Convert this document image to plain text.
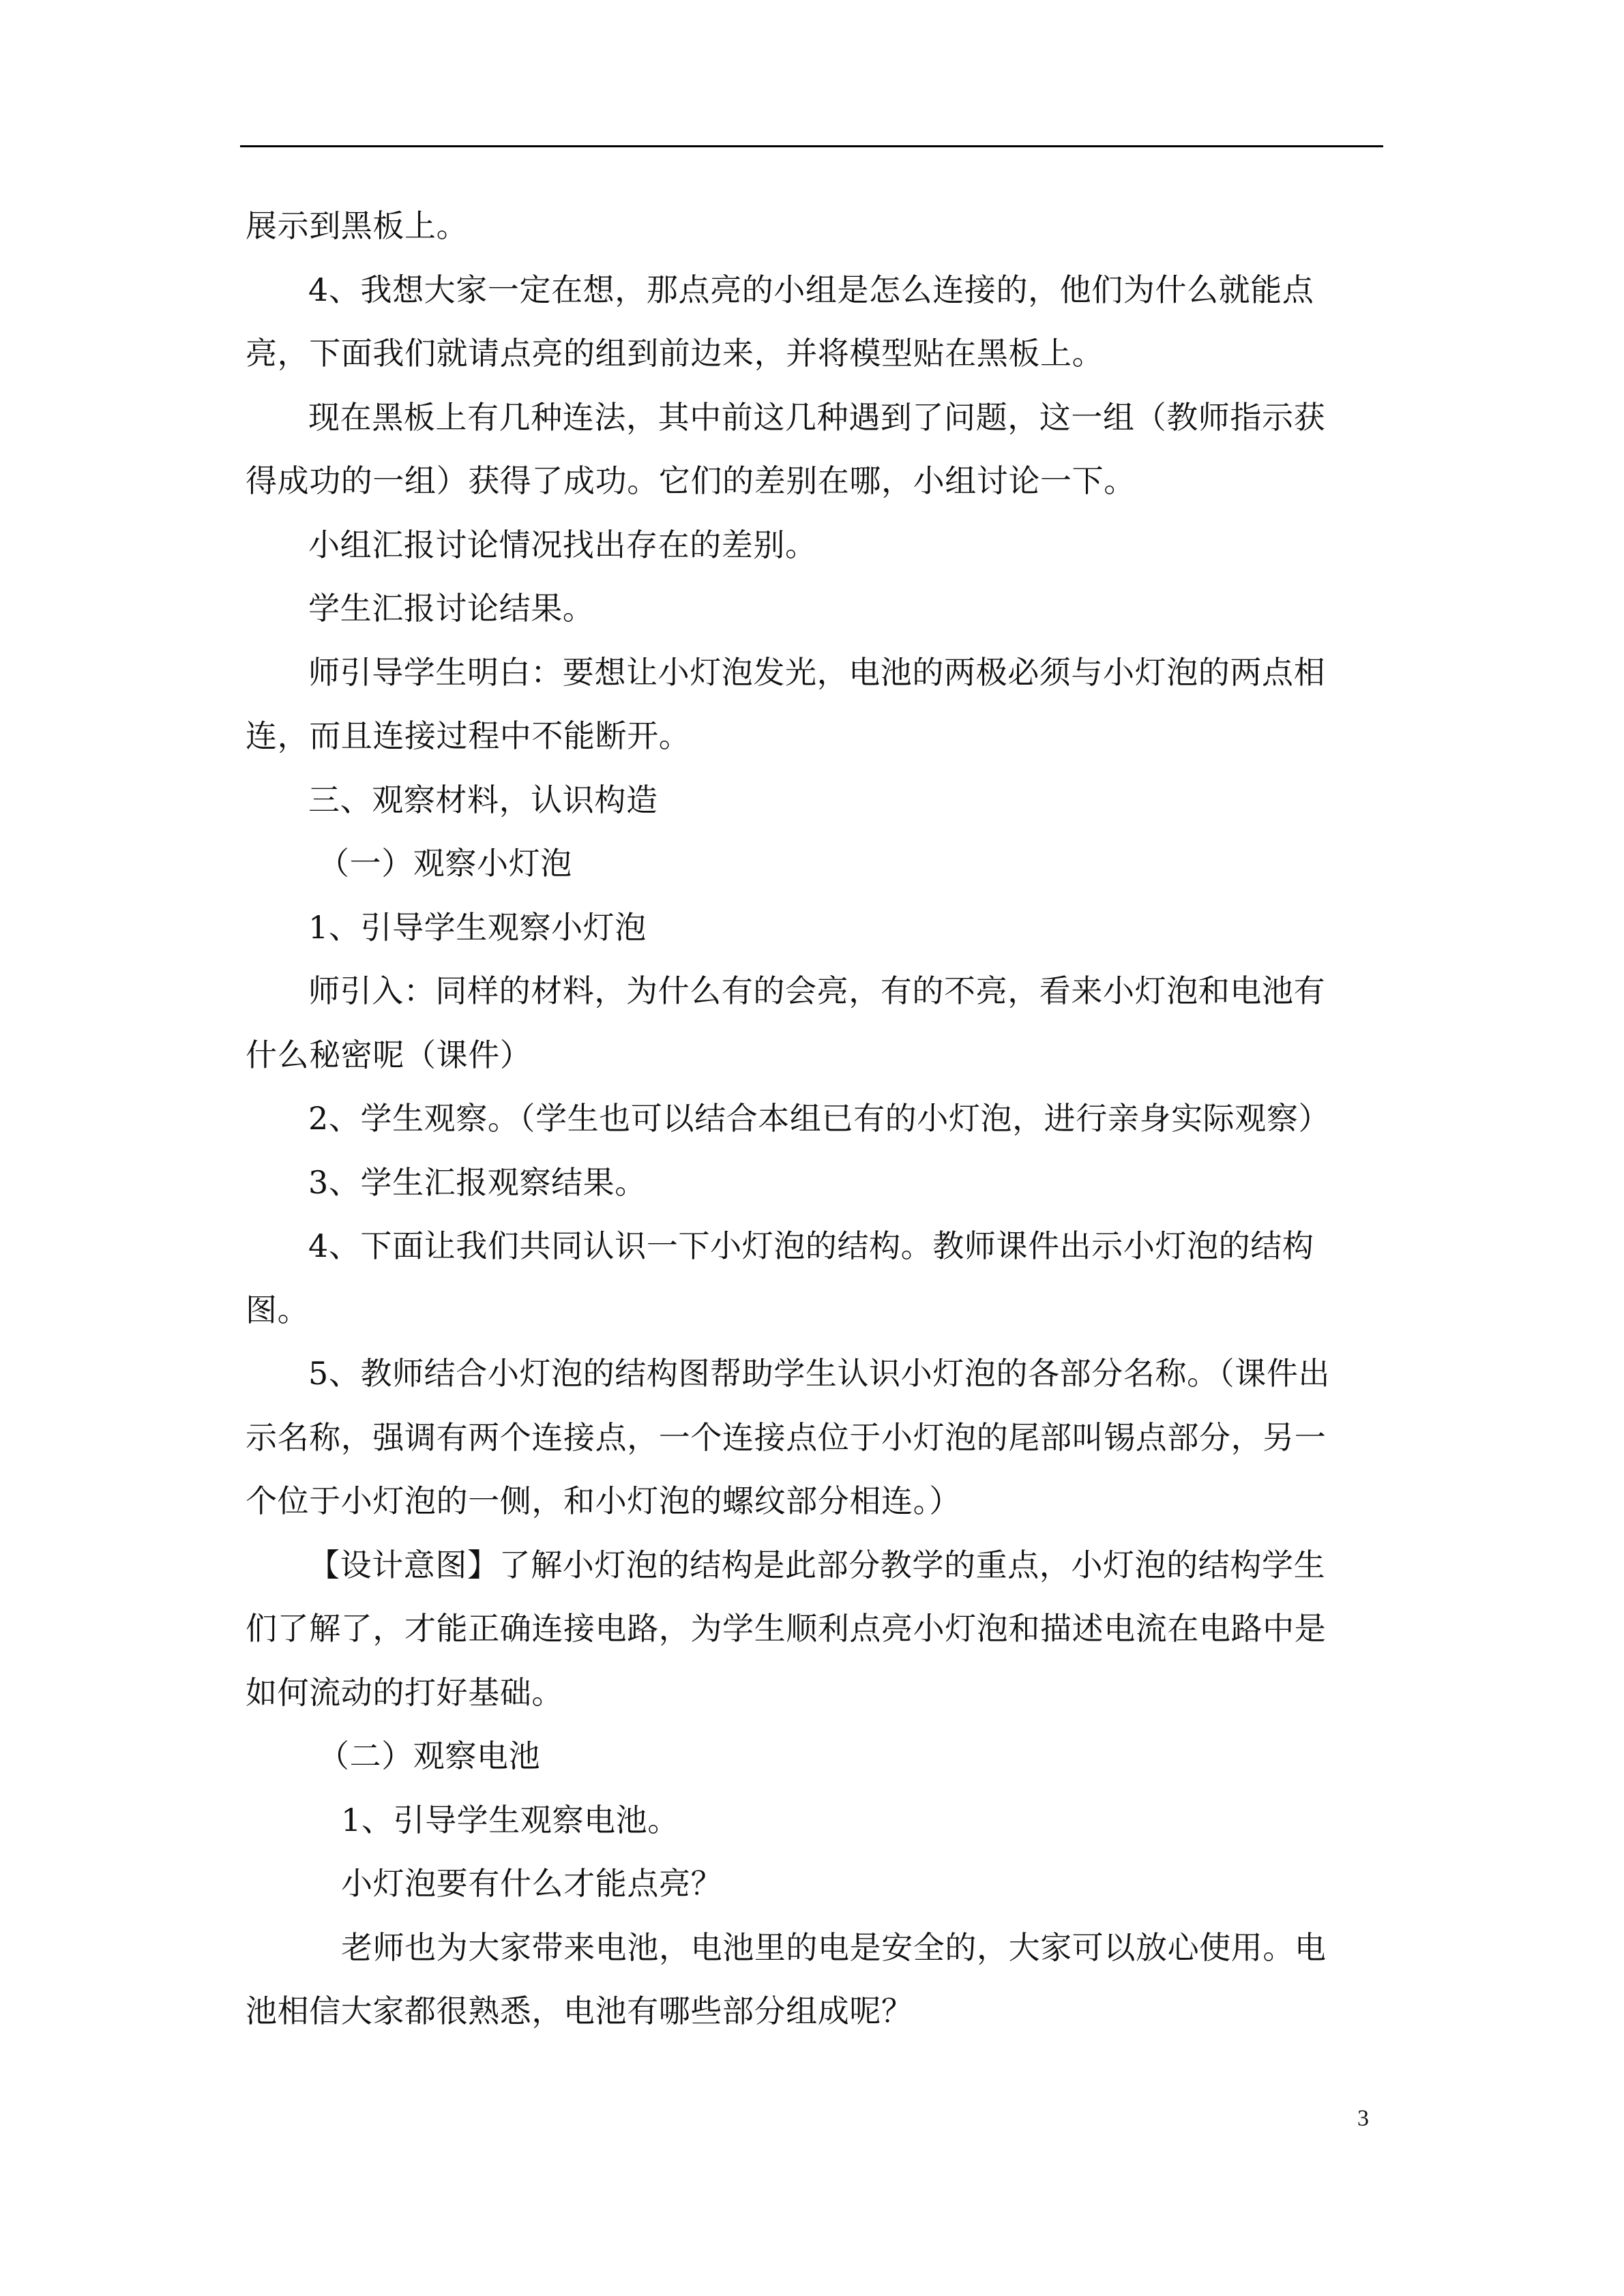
展示到黑板上。
4、我想大家一定在想，那点亮的小组是怎么连接的，他们为什么就能点
亮，下面我们就请点亮的组到前边来，并将模型贴在黑板上。
现在黑板上有几种连法，其中前这几种遇到了问题，这一组（教师指示获
得成功的一组）获得了成功。它们的差别在哪，小组讨论一下。
小组汇报讨论情况找出存在的差别。
学生汇报讨论结果。
师引导学生明白：要想让小灯泡发光，电池的两极必须与小灯泡的两点相
连，而且连接过程中不能断开。
三、观察材料，认识构造
（一）观察小灯泡
1、引导学生观察小灯泡
师引入：同样的材料，为什么有的会亮，有的不亮，看来小灯泡和电池有
什么秘密呢（课件）
2、学生观察。（学生也可以结合本组已有的小灯泡，进行亲身实际观察）
3、学生汇报观察结果。
4、下面让我们共同认识一下小灯泡的结构。教师课件出示小灯泡的结构
图。
5、教师结合小灯泡的结构图帮助学生认识小灯泡的各部分名称。（课件出
示名称，强调有两个连接点，一个连接点位于小灯泡的尾部叫锡点部分，另一
个位于小灯泡的一侧，和小灯泡的螺纹部分相连。）
【设计意图】了解小灯泡的结构是此部分教学的重点，小灯泡的结构学生
们了解了，才能正确连接电路，为学生顺利点亮小灯泡和描述电流在电路中是
如何流动的打好基础。
（二）观察电池
1、引导学生观察电池。
小灯泡要有什么才能点亮？
老师也为大家带来电池，电池里的电是安全的，大家可以放心使用。电
池相信大家都很熟悉，电池有哪些部分组成呢？
3
